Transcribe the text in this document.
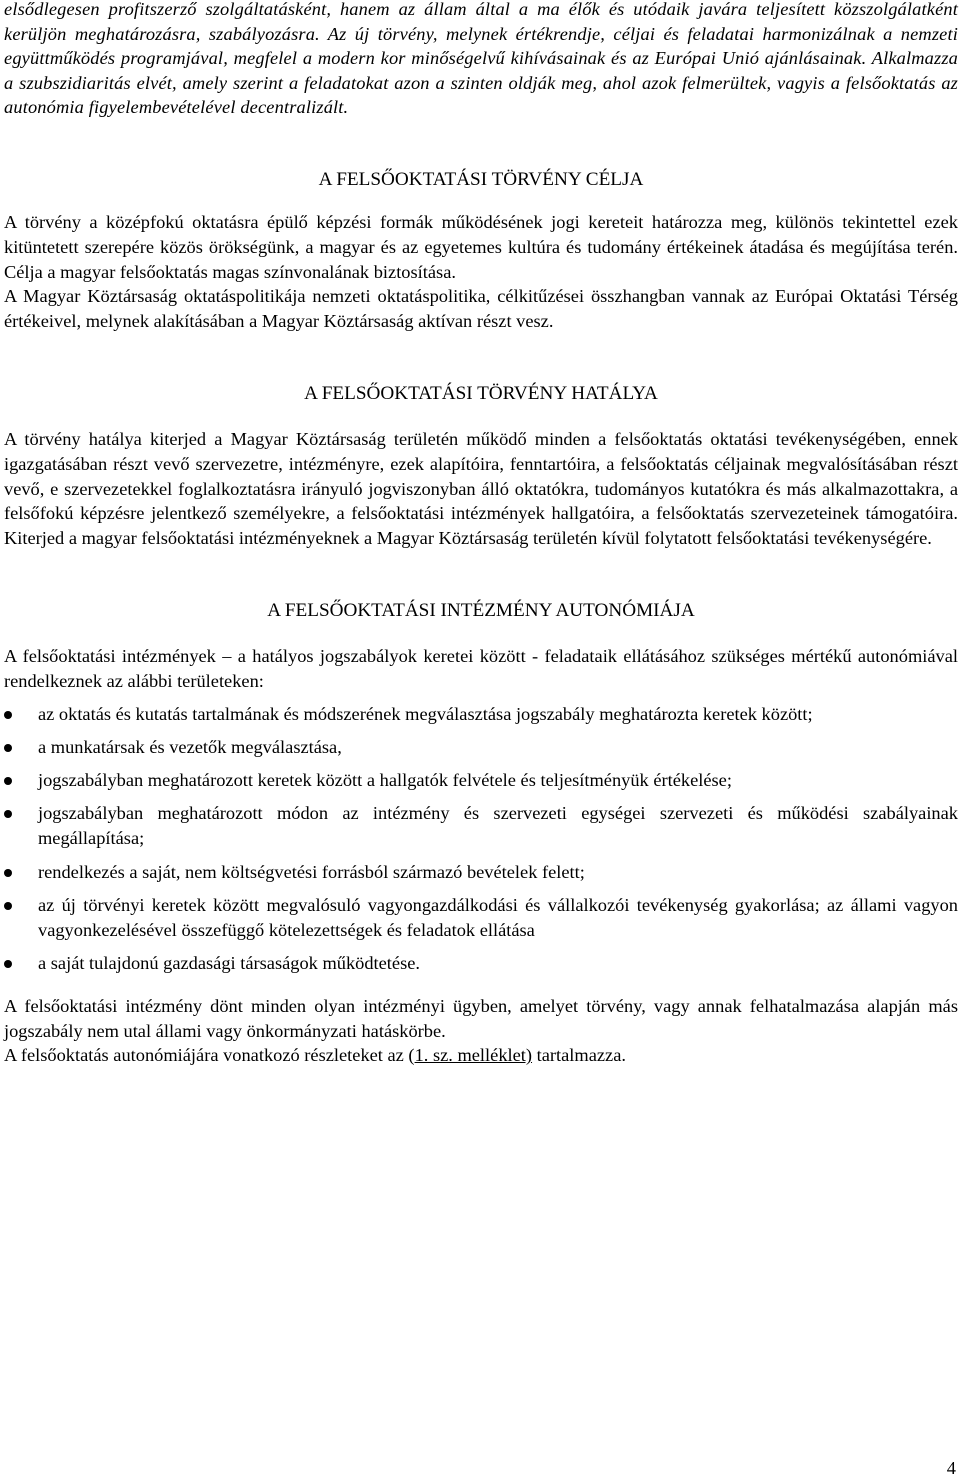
elsődlegesen profitszerző szolgáltatásként, hanem az állam által a ma élők és utódaik javára teljesített közszolgálatként kerüljön meghatározásra, szabályozásra. Az új törvény, melynek értékrendje, céljai és feladatai harmonizálnak a nemzeti együttműködés programjával, megfelel a modern kor minőségelvű kihívásainak és az Európai Unió ajánlásainak. Alkalmazza a szubszidiaritás elvét, amely szerint a feladatokat azon a szinten oldják meg, ahol azok felmerültek, vagyis a felsőoktatás az autonómia figyelembevételével decentralizált.

A FELSŐOKTATÁSI TÖRVÉNY CÉLJA

A törvény a középfokú oktatásra épülő képzési formák működésének jogi kereteit határozza meg, különös tekintettel ezek kitüntetett szerepére közös örökségünk, a magyar és az egyetemes kultúra és tudomány értékeinek átadása és megújítása terén. Célja a magyar felsőoktatás magas színvonalának biztosítása.

A Magyar Köztársaság oktatáspolitikája nemzeti oktatáspolitika, célkitűzései összhangban vannak az Európai Oktatási Térség értékeivel, melynek alakításában a Magyar Köztársaság aktívan részt vesz.

A FELSŐOKTATÁSI TÖRVÉNY HATÁLYA

A törvény hatálya kiterjed a Magyar Köztársaság területén működő minden a felsőoktatás oktatási tevékenységében, ennek igazgatásában részt vevő szervezetre, intézményre, ezek alapítóira, fenntartóira, a felsőoktatás céljainak megvalósításában részt vevő, e szervezetekkel foglalkoztatásra irányuló jogviszonyban álló oktatókra, tudományos kutatókra és más alkalmazottakra, a felsőfokú képzésre jelentkező személyekre, a felsőoktatási intézmények hallgatóira, a felsőoktatás szervezeteinek támogatóira. Kiterjed a magyar felsőoktatási intézményeknek a Magyar Köztársaság területén kívül folytatott felsőoktatási tevékenységére.

A FELSŐOKTATÁSI INTÉZMÉNY AUTONÓMIÁJA

A felsőoktatási intézmények – a hatályos jogszabályok keretei között - feladataik ellátásához szükséges mértékű autonómiával rendelkeznek az alábbi területeken:

az oktatás és kutatás tartalmának és módszerének megválasztása jogszabály meghatározta keretek között;
a munkatársak és vezetők megválasztása,
jogszabályban meghatározott keretek között a hallgatók felvétele és teljesítményük értékelése;
jogszabályban meghatározott módon az intézmény és szervezeti egységei szervezeti és működési szabályainak megállapítása;
rendelkezés a saját, nem költségvetési forrásból származó bevételek felett;
az új törvényi keretek között megvalósuló vagyongazdálkodási és vállalkozói tevékenység gyakorlása; az állami vagyon vagyonkezelésével összefüggő kötelezettségek és feladatok ellátása
a saját tulajdonú gazdasági társaságok működtetése.

A felsőoktatási intézmény dönt minden olyan intézményi ügyben, amelyet törvény, vagy annak felhatalmazása alapján más jogszabály nem utal állami vagy önkormányzati hatáskörbe.

A felsőoktatás autonómiájára vonatkozó részleteket az (1. sz. melléklet) tartalmazza.

4
